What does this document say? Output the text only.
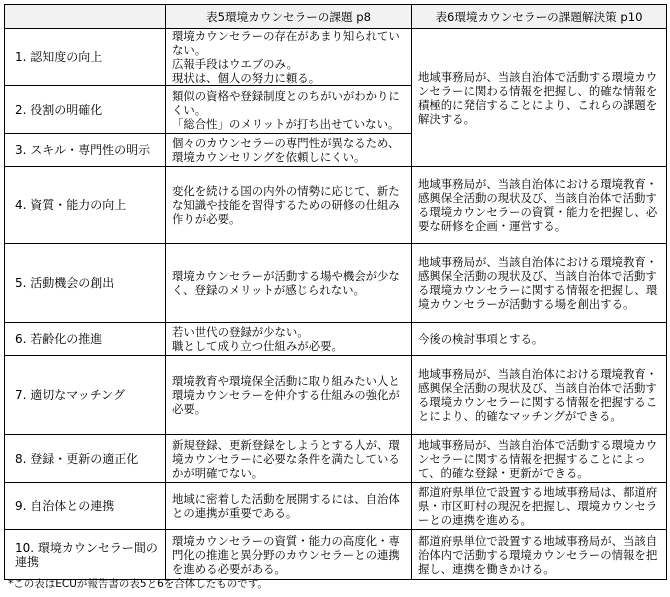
	表5環境カウンセラーの課題 p8	表6環境カウンセラーの課題解決策 p10
1. 認知度の向上	環境カウンセラーの存在があまり知られていない。
広報手段はウエブのみ。
現状は、個人の努力に頼る。	地域事務局が、当該自治体で活動する環境カウンセラーに関わる情報を把握し、的確な情報を積極的に発信することにより、これらの課題を解決する。
2. 役割の明確化	類似の資格や登録制度とのちがいがわかりにくい。
「総合性」のメリットが打ち出せていない。	
3. スキル・専門性の明示	個々のカウンセラーの専門性が異なるため、環境カウンセリングを依頼しにくい。	
4. 資質・能力の向上	変化を続ける国の内外の情勢に応じて、新たな知識や技能を習得するための研修の仕組み作りが必要。	地域事務局が、当該自治体における環境教育・感興保全活動の現状及び、当該自治体で活動する環境カウンセラーの資質・能力を把握し、必要な研修を企画・運営する。
5. 活動機会の創出	環境カウンセラーが活動する場や機会が少なく、登録のメリットが感じられない。	地域事務局が、当該自治体における環境教育・感興保全活動の現状及び、当該自治体で活動する環境カウンセラーに関する情報を把握し、環境カウンセラーが活動する場を創出する。
6. 若齢化の推進	若い世代の登録が少ない。
職として成り立つ仕組みが必要。	今後の検討事項とする。
7. 適切なマッチング	環境教育や環境保全活動に取り組みたい人と環境カウンセラーを仲介する仕組みの強化が必要。	地域事務局が、当該自治体における環境教育・感興保全活動の現状及び、当該自治体で活動する環境カウンセラーに関する情報を把握することにより、的確なマッチングができる。
8. 登録・更新の適正化	新規登録、更新登録をしようとする人が、環境カウンセラーに必要な条件を満たしているかが明確でない。	地域事務局が、当該自治体で活動する環境カウンセラーに関する情報を把握することによって、的確な登録・更新ができる。
9. 自治体との連携	地域に密着した活動を展開するには、自治体との連携が重要である。	都道府県単位で設置する地域事務局は、都道府県・市区町村の現況を把握し、環境カウンセラーとの連携を進める。
10. 環境カウンセラー間の連携	環境カウンセラーの資質・能力の高度化・専門化の推進と異分野のカウンセラーとの連携を進める必要がある。	都道府県単位で設置する地域事務局が、当該自治体内で活動する環境カウンセラーの情報を把握し、連携を働きかける。
*この表はECUが報告書の表5と6を合体したものです。
